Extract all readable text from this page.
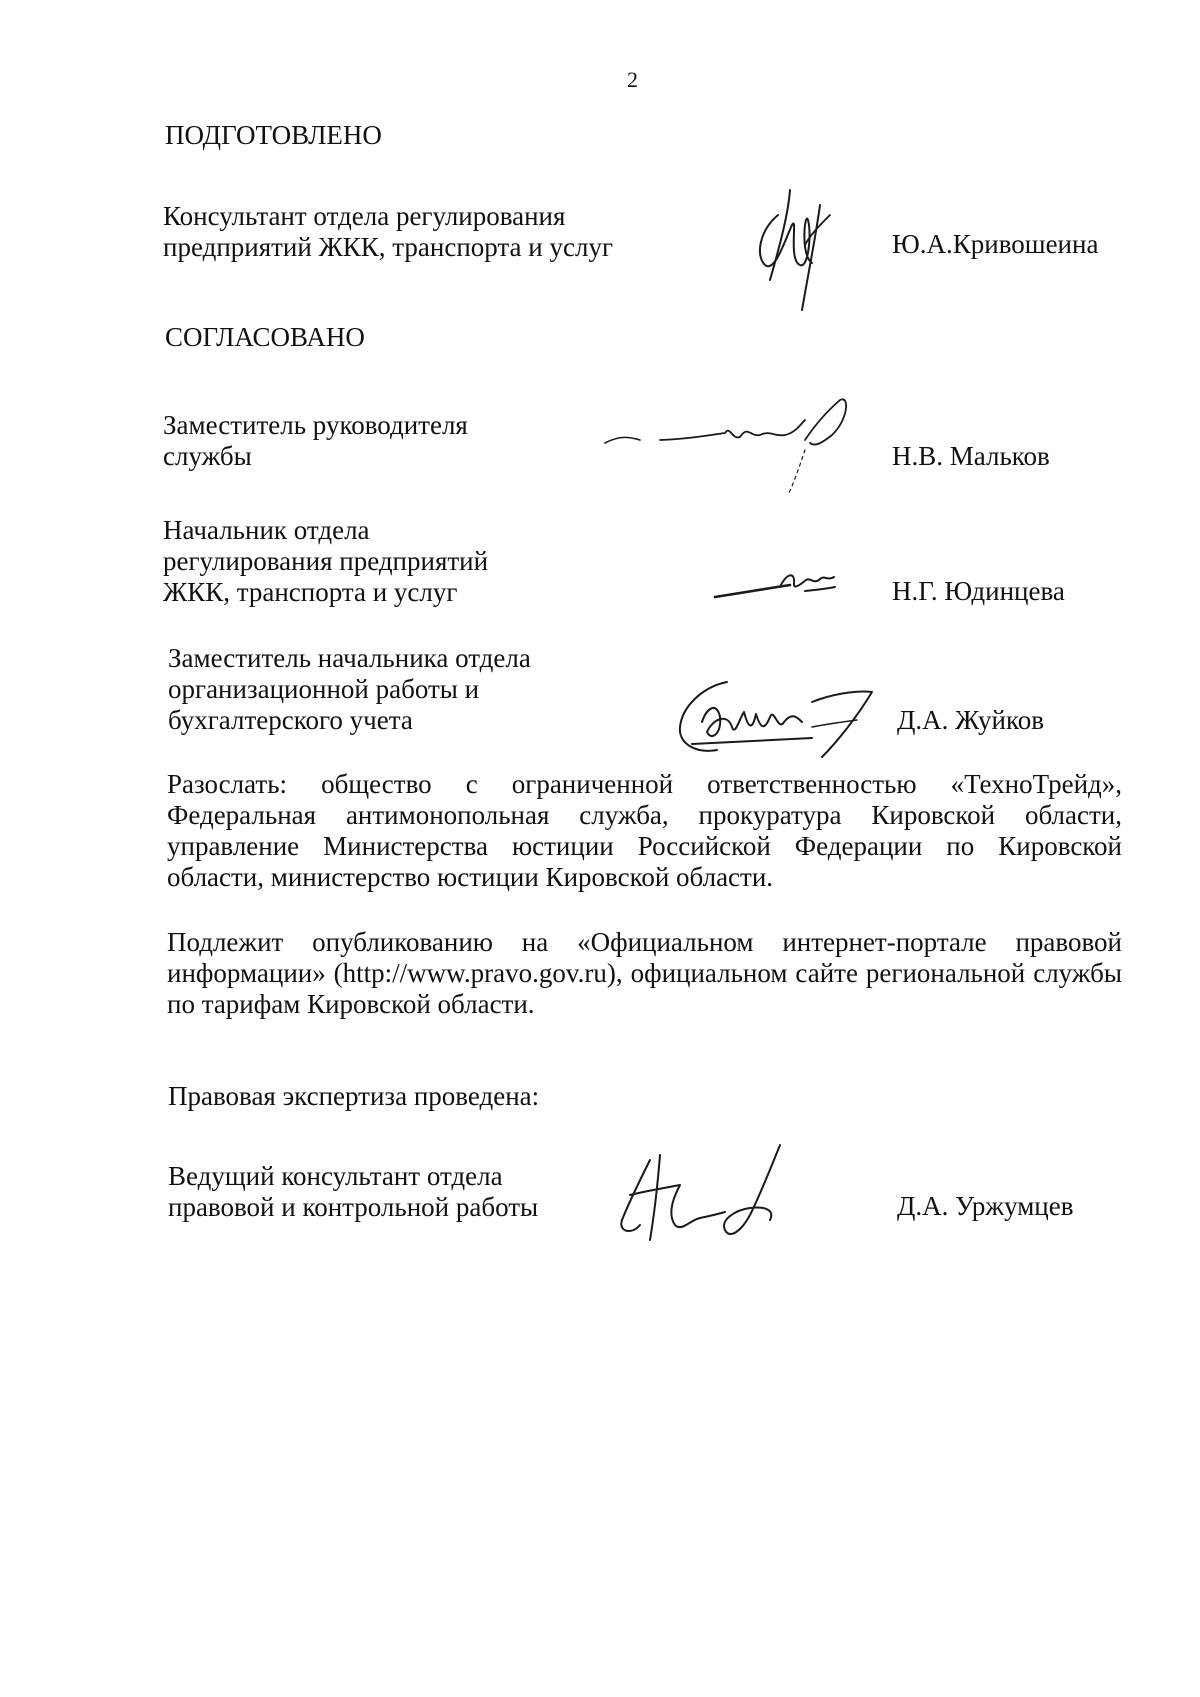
2
ПОДГОТОВЛЕНО
Консультант отдела регулирования
предприятий ЖКК, транспорта и услуг	Ю.А.Кривошеина
СОГЛАСОВАНО
Заместитель руководителя
службы	Н.В. Мальков
Начальник отдела
регулирования предприятий
ЖКК, транспорта и услуг	Н.Г. Юдинцева
Заместитель начальника отдела
организационной работы и
бухгалтерского учета	Д.А. Жуйков
Разослать: общество с ограниченной ответственностью «ТехноТрейд», Федеральная антимонопольная служба, прокуратура Кировской области, управление Министерства юстиции Российской Федерации по Кировской области, министерство юстиции Кировской области.
Подлежит опубликованию на «Официальном интернет-портале правовой информации» (http://www.pravo.gov.ru), официальном сайте региональной службы по тарифам Кировской области.
Правовая экспертиза проведена:
Ведущий консультант отдела
правовой и контрольной работы	Д.А. Уржумцев
